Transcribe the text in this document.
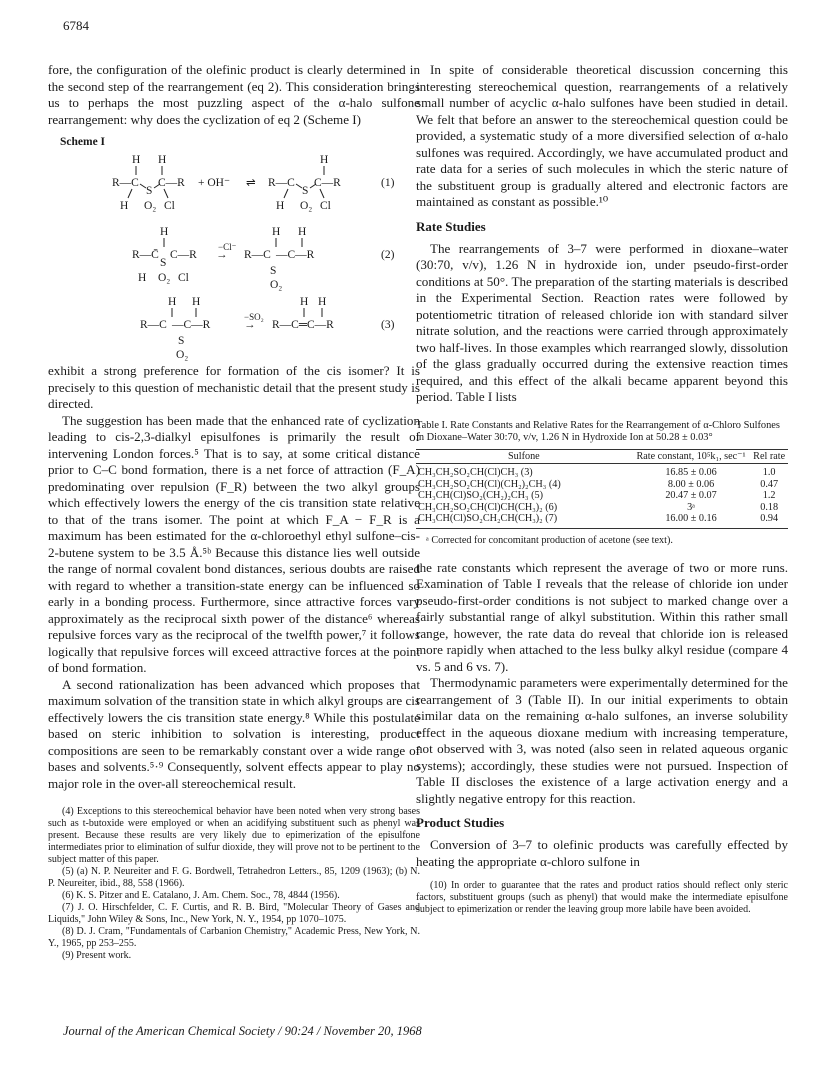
6784

fore, the configuration of the olefinic product is clearly determined in the second step of the rearrangement (eq 2). This consideration brings us to perhaps the most puzzling aspect of the α-halo sulfone rearrangement: why does the cyclization of eq 2 (Scheme I)

Scheme I
H H
R—C
S
C—R + OH⁻ ⇌ R—C
S
C—R
H
H O₂ Cl	H O₂ Cl
(1)
H
R—C̄
S
C—R
−Cl⁻
→ R—C —C—R
S
H H
H O₂ Cl
O₂
(2)
H H
R—C —C—R
S
O₂
−SO₂
→ R—C═C—R
H H
(3)

exhibit a strong preference for formation of the cis isomer? It is precisely to this question of mechanistic detail that the present study is directed.

The suggestion has been made that the enhanced rate of cyclization leading to cis-2,3-dialkyl episulfones is primarily the result of intervening London forces.⁵ That is to say, at some critical distance prior to C–C bond formation, there is a net force of attraction (F_A) predominating over repulsion (F_R) between the two alkyl groups which effectively lowers the energy of the cis transition state relative to that of the trans isomer. The point at which F_A − F_R is a maximum has been estimated for the α-chloroethyl ethyl sulfone–cis-2-butene system to be 3.5 Å.⁵ᵇ Because this distance lies well outside the range of normal covalent bond distances, serious doubts are raised with regard to whether a transition-state energy can be influenced so early in a bonding process. Furthermore, since attractive forces vary approximately as the reciprocal sixth power of the distance⁶ whereas repulsive forces vary as the reciprocal of the twelfth power,⁷ it follows logically that repulsive forces will exceed attractive forces at the point of bond formation.

A second rationalization has been advanced which proposes that maximum solvation of the transition state in which alkyl groups are cis effectively lowers the cis transition state energy.⁸ While this postulate based on steric inhibition to solvation is interesting, product compositions are seen to be remarkably constant over a wide range of bases and solvents.⁵·⁹ Consequently, solvent effects appear to play no major role in the over-all stereochemical result.

(4) Exceptions to this stereochemical behavior have been noted when very strong bases such as t-butoxide were employed or when an acidifying substituent such as phenyl was present. Because these results are very likely due to epimerization of the episulfone intermediates prior to elimination of sulfur dioxide, they will prove not to be pertinent to the subject matter of this paper.

(5) (a) N. P. Neureiter and F. G. Bordwell, Tetrahedron Letters., 85, 1209 (1963); (b) N. P. Neureiter, ibid., 88, 558 (1966).

(6) K. S. Pitzer and E. Catalano, J. Am. Chem. Soc., 78, 4844 (1956).

(7) J. O. Hirschfelder, C. F. Curtis, and R. B. Bird, "Molecular Theory of Gases and Liquids," John Wiley & Sons, Inc., New York, N. Y., 1954, pp 1070–1075.

(8) D. J. Cram, "Fundamentals of Carbanion Chemistry," Academic Press, New York, N. Y., 1965, pp 253–255.

(9) Present work.

In spite of considerable theoretical discussion concerning this interesting stereochemical question, rearrangements of a relatively small number of acyclic α-halo sulfones have been studied in detail. We felt that before an answer to the stereochemical question could be provided, a systematic study of a more diversified selection of α-halo sulfones was required. Accordingly, we have accumulated product and rate data for a series of such molecules in which the steric nature of the substituent group is gradually altered and electronic factors are maintained as constant as possible.¹⁰

Rate Studies

The rearrangements of 3–7 were performed in dioxane–water (30:70, v/v), 1.26 N in hydroxide ion, under pseudo-first-order conditions at 50°. The preparation of the starting materials is described in the Experimental Section. Reaction rates were followed by potentiometric titration of released chloride ion with standard silver nitrate solution, and the reactions were carried through approximately two half-lives. In those examples which rearranged slowly, dissolution of the glass gradually occurred during the extensive reaction times required, and this effect of the alkali became apparent beyond this period. Table I lists

Table I. Rate Constants and Relative Rates for the Rearrangement of α-Chloro Sulfones in Dioxane–Water 30:70, v/v, 1.26 N in Hydroxide Ion at 50.28 ± 0.03°

Sulfone	Rate constant, 10⁵k₁, sec⁻¹	Rel rate
CH₃CH₂SO₂CH(Cl)CH₃ (3)	16.85 ± 0.06	1.0
CH₃CH₂SO₂CH(Cl)(CH₂)₂CH₃ (4)	8.00 ± 0.06	0.47
CH₃CH(Cl)SO₂(CH₂)₂CH₃ (5)	20.47 ± 0.07	1.2
CH₃CH₂SO₂CH(Cl)CH(CH₃)₂ (6)	3ᵃ	0.18
CH₃CH(Cl)SO₂CH₂CH(CH₃)₂ (7)	16.00 ± 0.16	0.94
ᵃ Corrected for concomitant production of acetone (see text).

the rate constants which represent the average of two or more runs. Examination of Table I reveals that the release of chloride ion under pseudo-first-order conditions is not subject to marked change over a fairly substantial range of alkyl substitution. Within this rather small range, however, the rate data do reveal that chloride ion is released more rapidly when attached to the less bulky alkyl residue (compare 4 vs. 5 and 6 vs. 7).

Thermodynamic parameters were experimentally determined for the rearrangement of 3 (Table II). In our initial experiments to obtain similar data on the remaining α-halo sulfones, an inverse solubility effect in the aqueous dioxane medium with increasing temperature, not observed with 3, was noted (also seen in related aqueous organic systems); accordingly, these studies were not pursued. Inspection of Table II discloses the existence of a large activation energy and a slightly negative entropy for this reaction.

Product Studies

Conversion of 3–7 to olefinic products was carefully effected by heating the appropriate α-chloro sulfone in

(10) In order to guarantee that the rates and product ratios should reflect only steric factors, substituent groups (such as phenyl) that would make the intermediate episulfone subject to epimerization or render the leaving group more labile have been avoided.

Journal of the American Chemical Society / 90:24 / November 20, 1968
